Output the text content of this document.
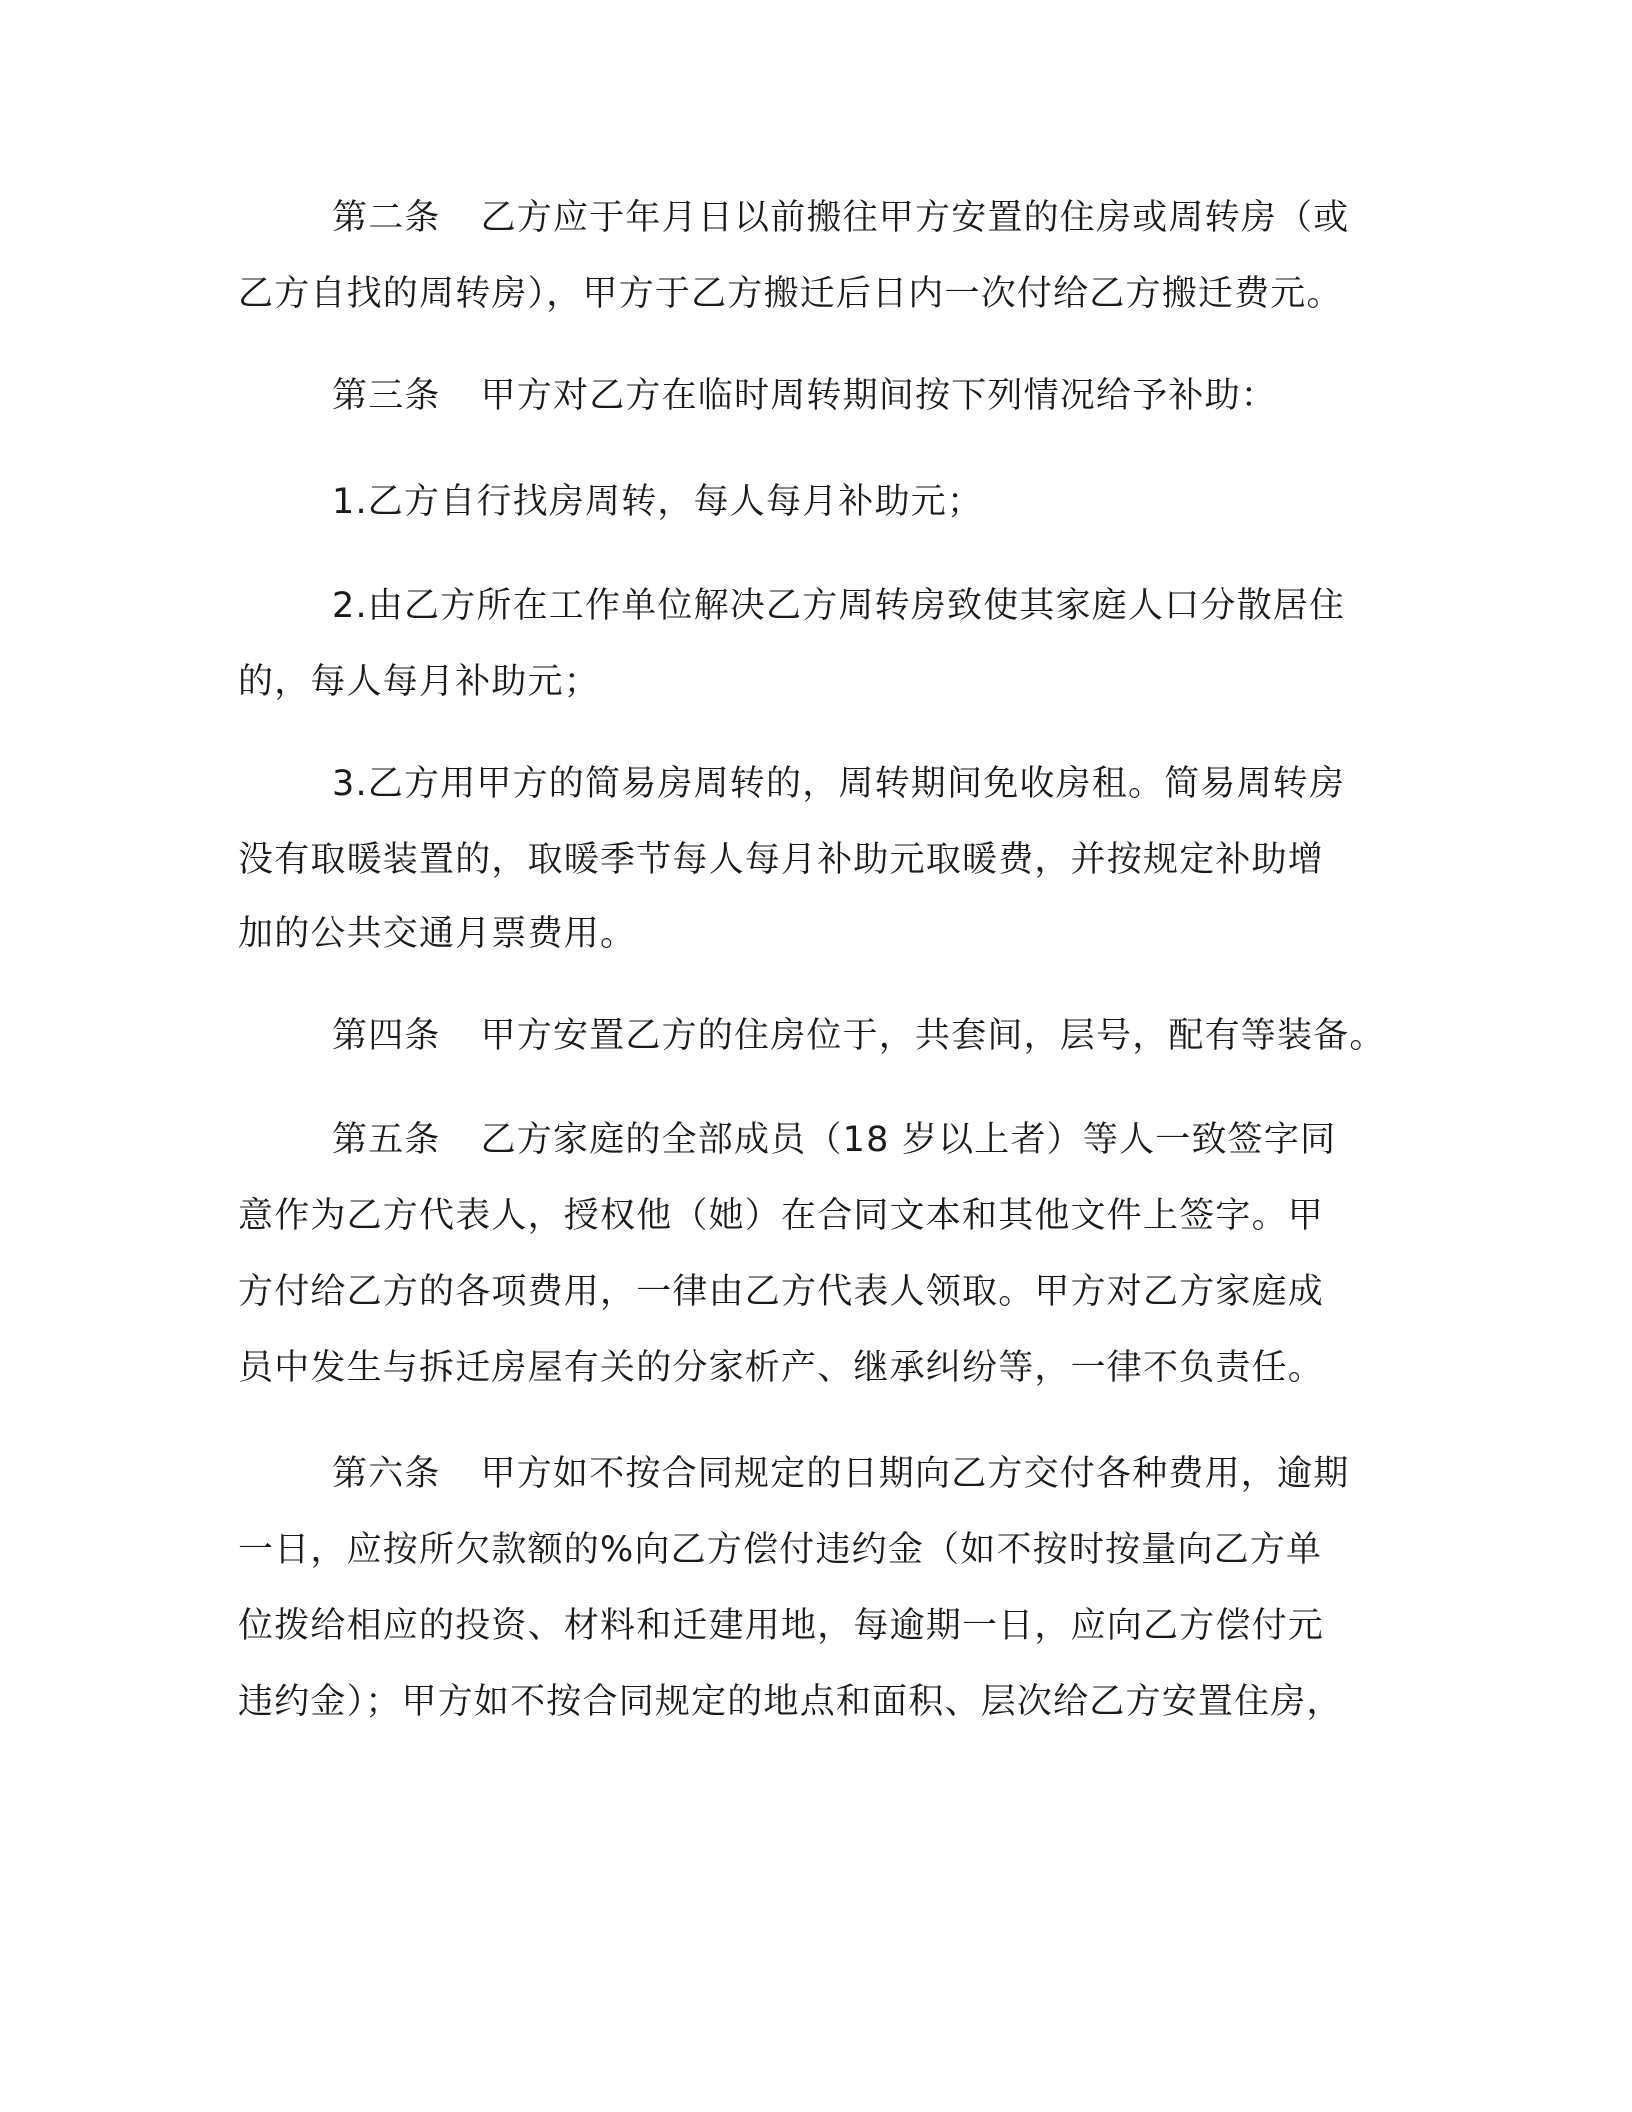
第二条 乙方应于年月日以前搬往甲方安置的住房或周转房（或
乙方自找的周转房），甲方于乙方搬迁后日内一次付给乙方搬迁费元。
第三条 甲方对乙方在临时周转期间按下列情况给予补助：
1.乙方自行找房周转，每人每月补助元；
2.由乙方所在工作单位解决乙方周转房致使其家庭人口分散居住
的，每人每月补助元；
3.乙方用甲方的简易房周转的，周转期间免收房租。简易周转房
没有取暖装置的，取暖季节每人每月补助元取暖费，并按规定补助增
加的公共交通月票费用。
第四条 甲方安置乙方的住房位于，共套间，层号，配有等装备。
第五条 乙方家庭的全部成员（18 岁以上者）等人一致签字同
意作为乙方代表人，授权他（她）在合同文本和其他文件上签字。甲
方付给乙方的各项费用，一律由乙方代表人领取。甲方对乙方家庭成
员中发生与拆迁房屋有关的分家析产、继承纠纷等，一律不负责任。
第六条 甲方如不按合同规定的日期向乙方交付各种费用，逾期
一日，应按所欠款额的%向乙方偿付违约金（如不按时按量向乙方单
位拨给相应的投资、材料和迁建用地，每逾期一日，应向乙方偿付元
违约金）；甲方如不按合同规定的地点和面积、层次给乙方安置住房，
